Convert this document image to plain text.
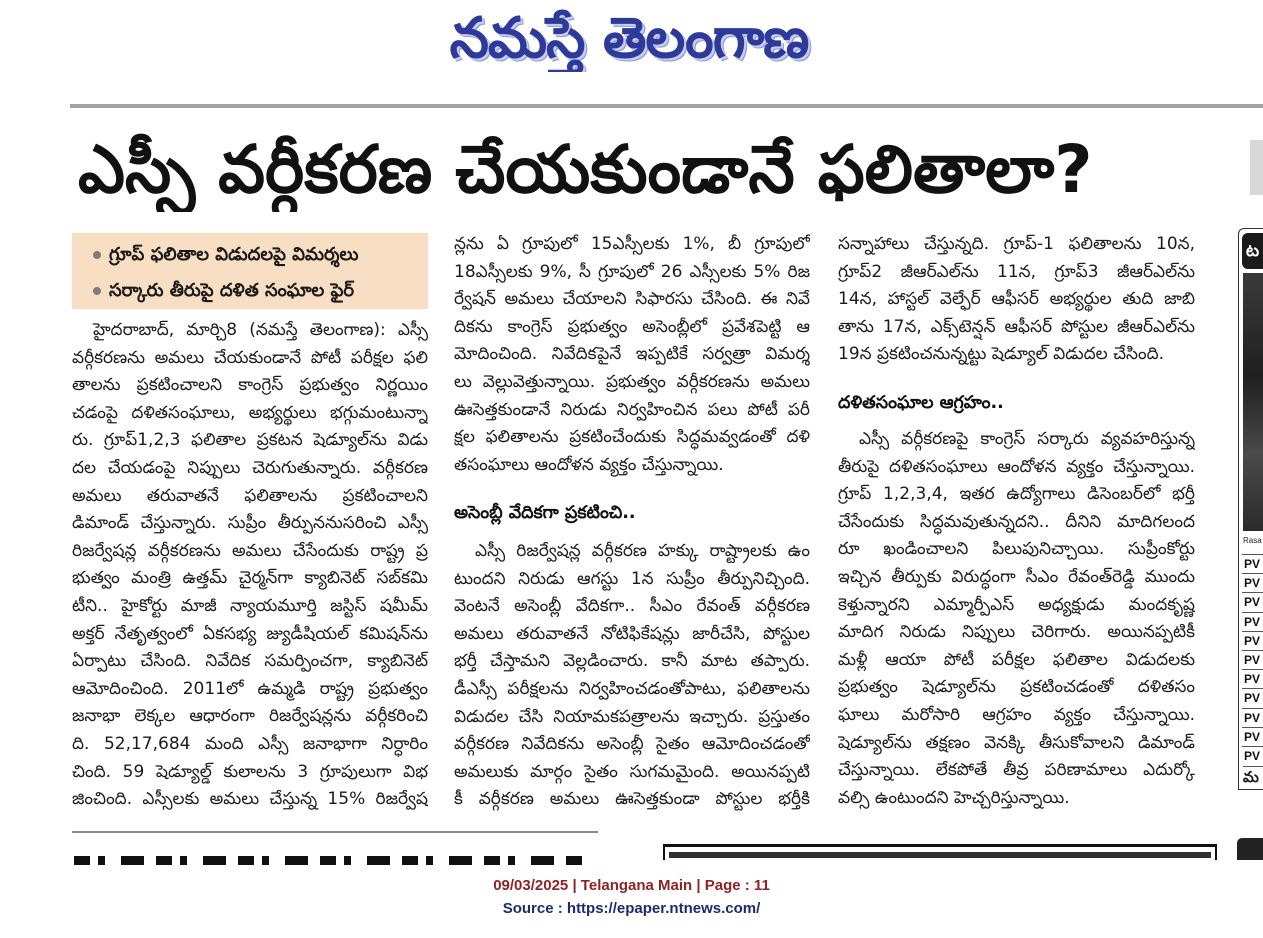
నమస్తే తెలంగాణ
ఎస్సీ వర్గీకరణ చేయకుండానే ఫలితాలా?
గ్రూప్ ఫలితాల విడుదలపై విమర్శలు
సర్కారు తీరుపై దళిత సంఘాల ఫైర్
హైదరాబాద్, మార్చి8 (నమస్తే తెలంగాణ): ఎస్సీ
వర్గీకరణను అమలు చేయకుండానే పోటీ పరీక్షల ఫలి
తాలను ప్రకటించాలని కాంగ్రెస్ ప్రభుత్వం నిర్ణయిం
చడంపై దళితసంఘాలు, అభ్యర్థులు భగ్గుమంటున్నా
రు. గ్రూప్1,2,3 ఫలితాల ప్రకటన షెడ్యూల్‌ను విడు
దల చేయడంపై నిప్పులు చెరుగుతున్నారు. వర్గీకరణ
అమలు తరువాతనే ఫలితాలను ప్రకటించాలని
డిమాండ్ చేస్తున్నారు. సుప్రీం తీర్పుననుసరించి ఎస్సీ
రిజర్వేషన్ల వర్గీకరణను అమలు చేసేందుకు రాష్ట్ర ప్ర
భుత్వం మంత్రి ఉత్తమ్ చైర్మన్‌గా క్యాబినెట్ సబ్‌కమి
టీని.. హైకోర్టు మాజీ న్యాయమూర్తి జస్టిస్ షమీమ్
అక్తర్ నేతృత్వంలో ఏకసభ్య జ్యుడీషియల్ కమిషన్‌ను
ఏర్పాటు చేసింది. నివేదిక సమర్పించగా, క్యాబినెట్
ఆమోదించింది. 2011లో ఉమ్మడి రాష్ట్ర ప్రభుత్వం
జనాభా లెక్కల ఆధారంగా రిజర్వేషన్లను వర్గీకరించి
ది. 52,17,684 మంది ఎస్సీ జనాభాగా నిర్ధారిం
చింది. 59 షెడ్యూల్డ్ కులాలను 3 గ్రూపులుగా విభ
జించింది. ఎస్సీలకు అమలు చేస్తున్న 15% రిజర్వేష
న్లను ఏ గ్రూపులో 15ఎస్సీలకు 1%, బీ గ్రూపులో
18ఎస్సీలకు 9%, సీ గ్రూపులో 26 ఎస్సీలకు 5% రిజ
ర్వేషన్ అమలు చేయాలని సిఫారసు చేసింది. ఈ నివే
దికను కాంగ్రెస్ ప్రభుత్వం అసెంబ్లీలో ప్రవేశపెట్టి ఆ
మోదించింది. నివేదికపైనే ఇప్పటికే సర్వత్రా విమర్శ
లు వెల్లువెత్తున్నాయి. ప్రభుత్వం వర్గీకరణను అమలు
ఊసెత్తకుండానే నిరుడు నిర్వహించిన పలు పోటీ పరీ
క్షల ఫలితాలను ప్రకటించేందుకు సిద్ధమవ్వడంతో దళి
తసంఘాలు ఆందోళన వ్యక్తం చేస్తున్నాయి.
అసెంబ్లీ వేదికగా ప్రకటించి..
ఎస్సీ రిజర్వేషన్ల వర్గీకరణ హక్కు రాష్ట్రాలకు ఉం
టుందని నిరుడు ఆగస్టు 1న సుప్రీం తీర్పునిచ్చింది.
వెంటనే అసెంబ్లీ వేదికగా.. సీఎం రేవంత్ వర్గీకరణ
అమలు తరువాతనే నోటిఫికేషన్లు జారీచేసి, పోస్టుల
భర్తీ చేస్తామని వెల్లడించారు. కానీ మాట తప్పారు.
డీఎస్సీ పరీక్షలను నిర్వహించడంతోపాటు, ఫలితాలను
విడుదల చేసి నియామకపత్రాలను ఇచ్చారు. ప్రస్తుతం
వర్గీకరణ నివేదికను అసెంబ్లీ సైతం ఆమోదించడంతో
అమలుకు మార్గం సైతం సుగమమైంది. అయినప్పటి
కీ వర్గీకరణ అమలు ఊసెత్తకుండా పోస్టుల భర్తీకి
సన్నాహాలు చేస్తున్నది. గ్రూప్-1 ఫలితాలను 10న,
గ్రూప్2 జీఆర్ఎల్‌ను 11న, గ్రూప్3 జీఆర్ఎల్‌ను
14న, హాస్టల్ వెల్ఫేర్ ఆఫీసర్ అభ్యర్థుల తుది జాబి
తాను 17న, ఎక్స్‌టెన్షన్ ఆఫీసర్ పోస్టుల జీఆర్ఎల్‌ను
19న ప్రకటించనున్నట్టు షెడ్యూల్ విడుదల చేసింది.
దళితసంఘాల ఆగ్రహం..
ఎస్సీ వర్గీకరణపై కాంగ్రెస్ సర్కారు వ్యవహరిస్తున్న
తీరుపై దళితసంఘాలు ఆందోళన వ్యక్తం చేస్తున్నాయి.
గ్రూప్ 1,2,3,4, ఇతర ఉద్యోగాలు డిసెంబర్‌లో భర్తీ
చేసేందుకు సిద్ధమవుతున్నదని.. దీనిని మాదిగలంద
రూ ఖండించాలని పిలుపునిచ్చాయి. సుప్రీంకోర్టు
ఇచ్చిన తీర్పుకు విరుద్ధంగా సీఎం రేవంత్‌రెడ్డి ముందు
కెళ్తున్నారని ఎమ్మార్పీఎస్ అధ్యక్షుడు మందకృష్ణ
మాదిగ నిరుడు నిప్పులు చెరిగారు. అయినప్పటికీ
మళ్లీ ఆయా పోటీ పరీక్షల ఫలితాల విడుదలకు
ప్రభుత్వం షెడ్యూల్‌ను ప్రకటించడంతో దళితసం
ఘాలు మరోసారి ఆగ్రహం వ్యక్తం చేస్తున్నాయి.
షెడ్యూల్‌ను తక్షణం వెనక్కి తీసుకోవాలని డిమాండ్
చేస్తున్నాయి. లేకపోతే తీవ్ర పరిణామాలు ఎదుర్కో
వల్సి ఉంటుందని హెచ్చరిస్తున్నాయి.
ట
Rasa
PV
PV
PV
PV
PV
PV
PV
PV
PV
PV
PV
మ
09/03/2025 | Telangana Main | Page : 11
Source : https://epaper.ntnews.com/
